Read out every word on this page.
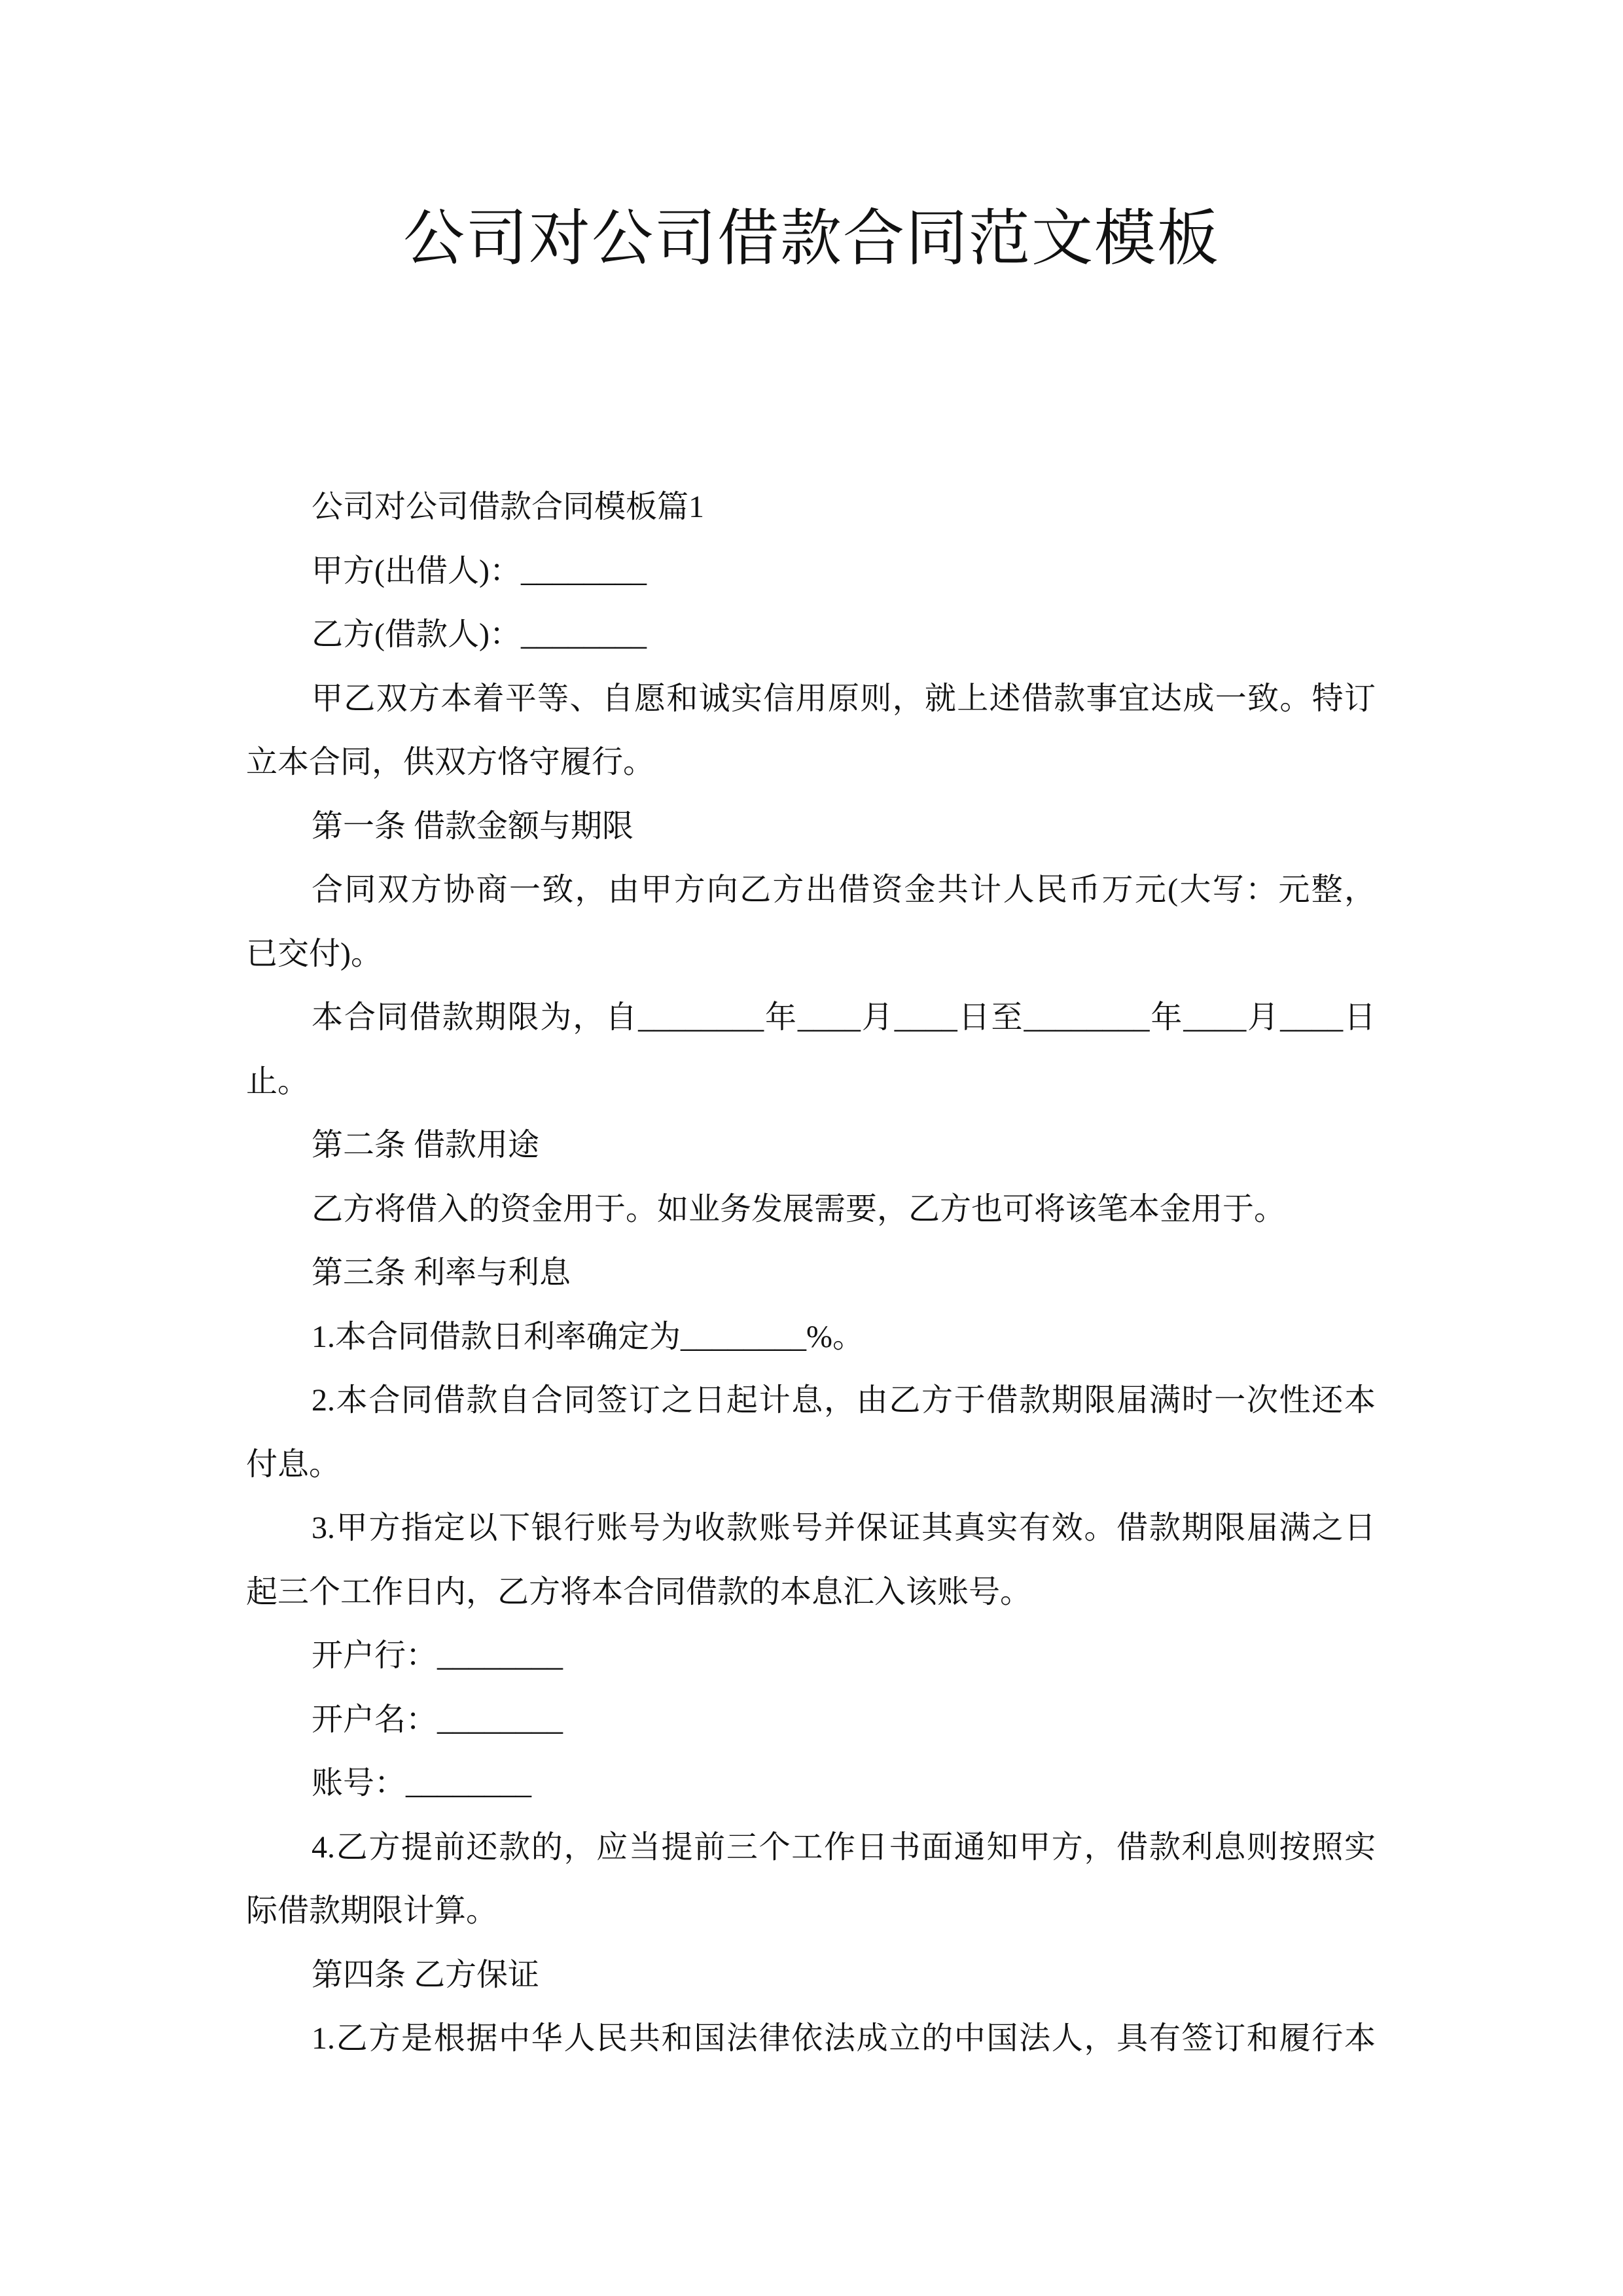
公司对公司借款合同范文模板
公司对公司借款合同模板篇1
甲方(出借人)：________
乙方(借款人)：________
甲乙双方本着平等、自愿和诚实信用原则，就上述借款事宜达成一致。特订
立本合同，供双方恪守履行。
第一条 借款金额与期限
合同双方协商一致，由甲方向乙方出借资金共计人民币万元(大写：元整，
已交付)。
本合同借款期限为，自________年____月____日至________年____月____日
止。
第二条 借款用途
乙方将借入的资金用于。如业务发展需要，乙方也可将该笔本金用于。
第三条 利率与利息
1.本合同借款日利率确定为________%。
2.本合同借款自合同签订之日起计息，由乙方于借款期限届满时一次性还本
付息。
3.甲方指定以下银行账号为收款账号并保证其真实有效。借款期限届满之日
起三个工作日内，乙方将本合同借款的本息汇入该账号。
开户行：________
开户名：________
账号：________
4.乙方提前还款的，应当提前三个工作日书面通知甲方，借款利息则按照实
际借款期限计算。
第四条 乙方保证
1.乙方是根据中华人民共和国法律依法成立的中国法人，具有签订和履行本
